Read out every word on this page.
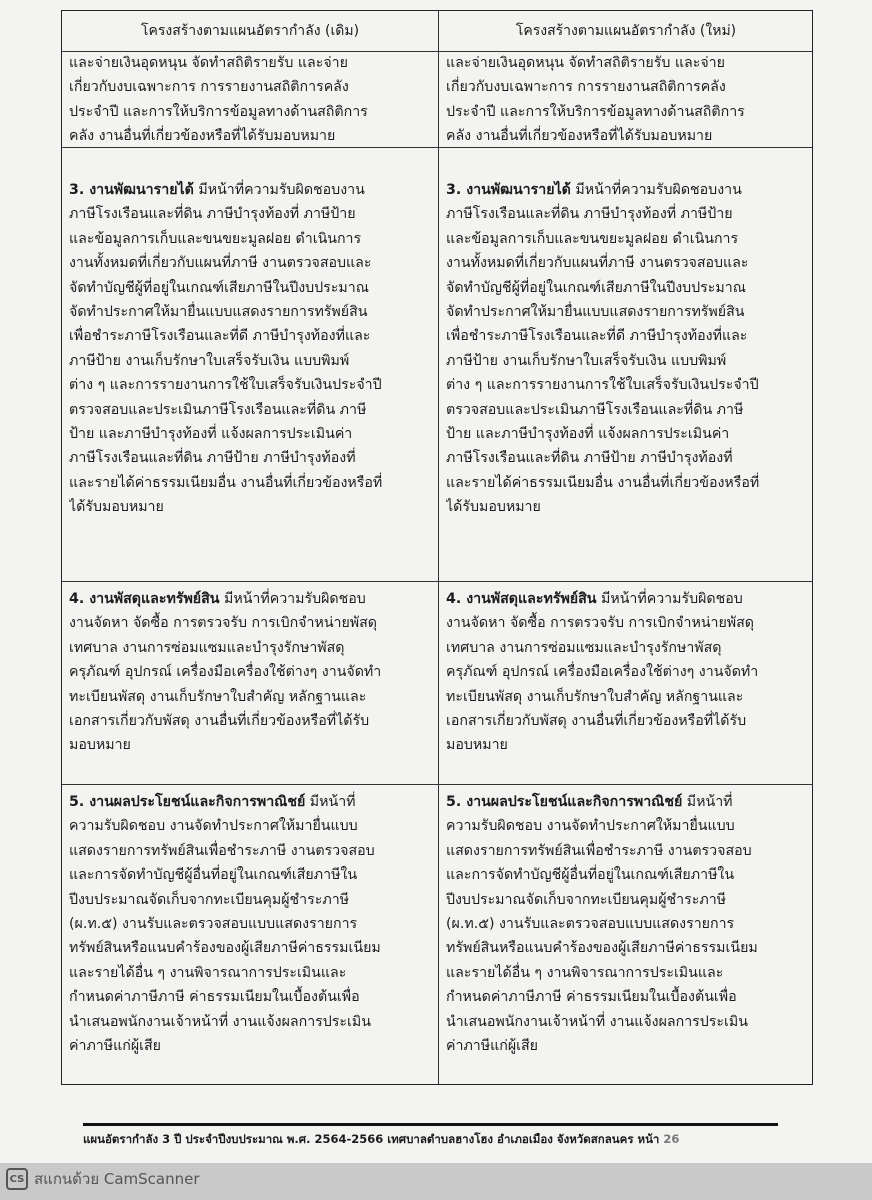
โครงสร้างตามแผนอัตรากำลัง (เดิม)	โครงสร้างตามแผนอัตรากำลัง (ใหม่)
และจ่ายเงินอุดหนุน จัดทำสถิติรายรับ และจ่าย
เกี่ยวกับงบเฉพาะการ การรายงานสถิติการคลัง
ประจำปี และการให้บริการข้อมูลทางด้านสถิติการ
คลัง งานอื่นที่เกี่ยวข้องหรือที่ได้รับมอบหมาย
3. งานพัฒนารายได้ มีหน้าที่ความรับผิดชอบงาน
ภาษีโรงเรือนและที่ดิน ภาษีบำรุงท้องที่ ภาษีป้าย
และข้อมูลการเก็บและขนขยะมูลฝอย ดำเนินการ
งานทั้งหมดที่เกี่ยวกับแผนที่ภาษี งานตรวจสอบและ
จัดทำบัญชีผู้ที่อยู่ในเกณฑ์เสียภาษีในปีงบประมาณ
จัดทำประกาศให้มายื่นแบบแสดงรายการทรัพย์สิน
เพื่อชำระภาษีโรงเรือนและที่ดี ภาษีบำรุงท้องที่และ
ภาษีป้าย งานเก็บรักษาใบเสร็จรับเงิน แบบพิมพ์
ต่าง ๆ และการรายงานการใช้ใบเสร็จรับเงินประจำปี
ตรวจสอบและประเมินภาษีโรงเรือนและที่ดิน ภาษี
ป้าย และภาษีบำรุงท้องที่ แจ้งผลการประเมินค่า
ภาษีโรงเรือนและที่ดิน ภาษีป้าย ภาษีบำรุงท้องที่
และรายได้ค่าธรรมเนียมอื่น งานอื่นที่เกี่ยวข้องหรือที่
ได้รับมอบหมาย
4. งานพัสดุและทรัพย์สิน มีหน้าที่ความรับผิดชอบ
งานจัดหา จัดซื้อ การตรวจรับ การเบิกจำหน่ายพัสดุ
เทศบาล งานการซ่อมแซมและบำรุงรักษาพัสดุ
ครุภัณฑ์ อุปกรณ์ เครื่องมือเครื่องใช้ต่างๆ งานจัดทำ
ทะเบียนพัสดุ งานเก็บรักษาใบสำคัญ หลักฐานและ
เอกสารเกี่ยวกับพัสดุ งานอื่นที่เกี่ยวข้องหรือที่ได้รับ
มอบหมาย
5. งานผลประโยชน์และกิจการพาณิชย์ มีหน้าที่
ความรับผิดชอบ งานจัดทำประกาศให้มายื่นแบบ
แสดงรายการทรัพย์สินเพื่อชำระภาษี งานตรวจสอบ
และการจัดทำบัญชีผู้อื่นที่อยู่ในเกณฑ์เสียภาษีใน
ปีงบประมาณจัดเก็บจากทะเบียนคุมผู้ชำระภาษี
(ผ.ท.๕) งานรับและตรวจสอบแบบแสดงรายการ
ทรัพย์สินหรือแนบคำร้องของผู้เสียภาษีค่าธรรมเนียม
และรายได้อื่น ๆ งานพิจารณาการประเมินและ
กำหนดค่าภาษีภาษี ค่าธรรมเนียมในเบื้องต้นเพื่อ
นำเสนอพนักงานเจ้าหน้าที่ งานแจ้งผลการประเมิน
ค่าภาษีแก่ผู้เสีย
และจ่ายเงินอุดหนุน จัดทำสถิติรายรับ และจ่าย
เกี่ยวกับงบเฉพาะการ การรายงานสถิติการคลัง
ประจำปี และการให้บริการข้อมูลทางด้านสถิติการ
คลัง งานอื่นที่เกี่ยวข้องหรือที่ได้รับมอบหมาย
3. งานพัฒนารายได้ มีหน้าที่ความรับผิดชอบงาน
ภาษีโรงเรือนและที่ดิน ภาษีบำรุงท้องที่ ภาษีป้าย
และข้อมูลการเก็บและขนขยะมูลฝอย ดำเนินการ
งานทั้งหมดที่เกี่ยวกับแผนที่ภาษี งานตรวจสอบและ
จัดทำบัญชีผู้ที่อยู่ในเกณฑ์เสียภาษีในปีงบประมาณ
จัดทำประกาศให้มายื่นแบบแสดงรายการทรัพย์สิน
เพื่อชำระภาษีโรงเรือนและที่ดี ภาษีบำรุงท้องที่และ
ภาษีป้าย งานเก็บรักษาใบเสร็จรับเงิน แบบพิมพ์
ต่าง ๆ และการรายงานการใช้ใบเสร็จรับเงินประจำปี
ตรวจสอบและประเมินภาษีโรงเรือนและที่ดิน ภาษี
ป้าย และภาษีบำรุงท้องที่ แจ้งผลการประเมินค่า
ภาษีโรงเรือนและที่ดิน ภาษีป้าย ภาษีบำรุงท้องที่
และรายได้ค่าธรรมเนียมอื่น งานอื่นที่เกี่ยวข้องหรือที่
ได้รับมอบหมาย
4. งานพัสดุและทรัพย์สิน มีหน้าที่ความรับผิดชอบ
งานจัดหา จัดซื้อ การตรวจรับ การเบิกจำหน่ายพัสดุ
เทศบาล งานการซ่อมแซมและบำรุงรักษาพัสดุ
ครุภัณฑ์ อุปกรณ์ เครื่องมือเครื่องใช้ต่างๆ งานจัดทำ
ทะเบียนพัสดุ งานเก็บรักษาใบสำคัญ หลักฐานและ
เอกสารเกี่ยวกับพัสดุ งานอื่นที่เกี่ยวข้องหรือที่ได้รับ
มอบหมาย
5. งานผลประโยชน์และกิจการพาณิชย์ มีหน้าที่
ความรับผิดชอบ งานจัดทำประกาศให้มายื่นแบบ
แสดงรายการทรัพย์สินเพื่อชำระภาษี งานตรวจสอบ
และการจัดทำบัญชีผู้อื่นที่อยู่ในเกณฑ์เสียภาษีใน
ปีงบประมาณจัดเก็บจากทะเบียนคุมผู้ชำระภาษี
(ผ.ท.๕) งานรับและตรวจสอบแบบแสดงรายการ
ทรัพย์สินหรือแนบคำร้องของผู้เสียภาษีค่าธรรมเนียม
และรายได้อื่น ๆ งานพิจารณาการประเมินและ
กำหนดค่าภาษีภาษี ค่าธรรมเนียมในเบื้องต้นเพื่อ
นำเสนอพนักงานเจ้าหน้าที่ งานแจ้งผลการประเมิน
ค่าภาษีแก่ผู้เสีย
แผนอัตรากำลัง 3 ปี ประจำปีงบประมาณ พ.ศ. 2564-2566 เทศบาลตำบลฮางโฮง อำเภอเมือง จังหวัดสกลนคร หน้า 26
CS สแกนด้วย CamScanner
